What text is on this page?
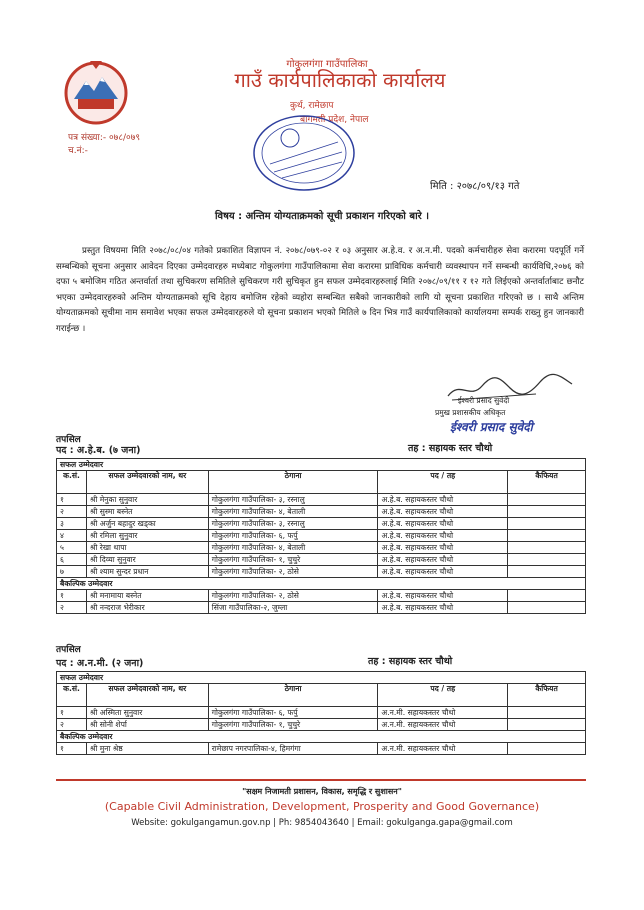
गोकुलगंगा गाउँपालिका
गाउँ कार्यपालिकाको कार्यालय
कुर्थ, रामेछाप
बागमती प्रदेश, नेपाल
पत्र संख्या:- ०७८/०७९
च.नं:-
मिति : २०७८/०९/१३ गते
विषय : अन्तिम योग्यताक्रमको सूची प्रकाशन गरिएको बारे ।
प्रस्तुत विषयमा मिति २०७८/०८/०४ गतेको प्रकाशित विज्ञापन नं. २०७८/०७९-०२ र ०३ अनुसार अ.हे.व. र अ.न.मी. पदको कर्मचारीहरु सेवा करारमा पदपूर्ति गर्ने सम्बन्धिको सूचना अनुसार आवेदन दिएका उम्मेदवारहरु मध्येबाट गोकुलगंगा गाउँपालिकामा सेवा करारमा प्राविधिक कर्मचारी व्यवस्थापन गर्ने सम्बन्धी कार्यविधि,२०७६ को दफा ५ बमोजिम गठित अन्तर्वार्ता तथा सुचिकरण समितिले सुचिकरण गरी सुचिकृत हुन सफल उम्मेदवारहरुलाई मिति २०७८/०९/११ र १२ गते लिईएको अन्तर्वार्ताबाट छनौट भएका उम्मेदवारहरुको अन्तिम योग्यताक्रमको सूचि देहाय बमोजिम रहेको व्यहोरा सम्बन्धित सबैको जानकारीको लागि यो सूचना प्रकाशित गरिएको छ । साथै अन्तिम योग्यताक्रमको सूचीमा नाम समावेश भएका सफल उम्मेदवारहरुले यो सूचना प्रकाशन भएको मितिले ७ दिन भित्र गाउँ कार्यपालिकाको कार्यालयमा सम्पर्क राख्नु हुन जानकारी गराईन्छ ।
ईश्वरी प्रसाद सुवेदी
प्रमुख प्रशासकीय अधिकृत
ईश्वरी प्रसाद सुवेदी
तपसिल
पद : अ.हे.ब. (७ जना)	तह : सहायक स्तर चौथो
सफल उम्मेदवार				
क.सं.	सफल उम्मेदवारको नाम, थर	ठेगाना	पद / तह	कैफियत
१	श्री मेनुका सुनुवार	गोकुलगंगा गाउँपालिका- ३, रस्नालु	अ.हे.ब. सहायकस्तर चौथो	
२	श्री सुस्मा बस्नेत	गोकुलगंगा गाउँपालिका- ४, बेताली	अ.हे.ब. सहायकस्तर चौथो	
३	श्री अर्जुन बहादुर खड्का	गोकुलगंगा गाउँपालिका- ३, रस्नालु	अ.हे.ब. सहायकस्तर चौथो	
४	श्री रमिला सुनुवार	गोकुलगंगा गाउँपालिका- ६, फर्पु	अ.हे.ब. सहायकस्तर चौथो	
५	श्री रेखा थापा	गोकुलगंगा गाउँपालिका- ४, बेताली	अ.हे.ब. सहायकस्तर चौथो	
६	श्री दिव्या सुनुवार	गोकुलगंगा गाउँपालिका- १, चुचुरे	अ.हे.ब. सहायकस्तर चौथो	
७	श्री श्याम सुन्दर प्रधान	गोकुलगंगा गाउँपालिका- २, ठोसे	अ.हे.ब. सहायकस्तर चौथो	
बैकल्पिक उम्मेदवार				
१	श्री मनामाया बस्नेत	गोकुलगंगा गाउँपालिका- २, ठोसे	अ.हे.ब. सहायकस्तर चौथो	
२	श्री नन्दराज भेरीकार	सिंजा गाउँपालिका-२, जुम्ला	अ.हे.ब. सहायकस्तर चौथो	
तपसिल
पद : अ.न.मी. (२ जना)	तह : सहायक स्तर चौथो
सफल उम्मेदवार				
क.सं.	सफल उम्मेदवारको नाम, थर	ठेगाना	पद / तह	कैफियत
१	श्री अस्मिता सुनुवार	गोकुलगंगा गाउँपालिका- ६, फर्पु	अ.न.मी. सहायकस्तर चौथो	
२	श्री सोनी शेर्पा	गोकुलगंगा गाउँपालिका- १, चुचुरे	अ.न.मी. सहायकस्तर चौथो	
बैकल्पिक उम्मेदवार				
१	श्री मुना श्रेष्ठ	रामेछाप नगरपालिका-४, हिमगंगा	अ.न.मी. सहायकस्तर चौथो	
"सक्षम निजामती प्रशासन, विकास, समृद्धि र सुशासन"
(Capable Civil Administration, Development, Prosperity and Good Governance)
Website: gokulgangamun.gov.np | Ph: 9854043640 | Email: gokulganga.gapa@gmail.com
